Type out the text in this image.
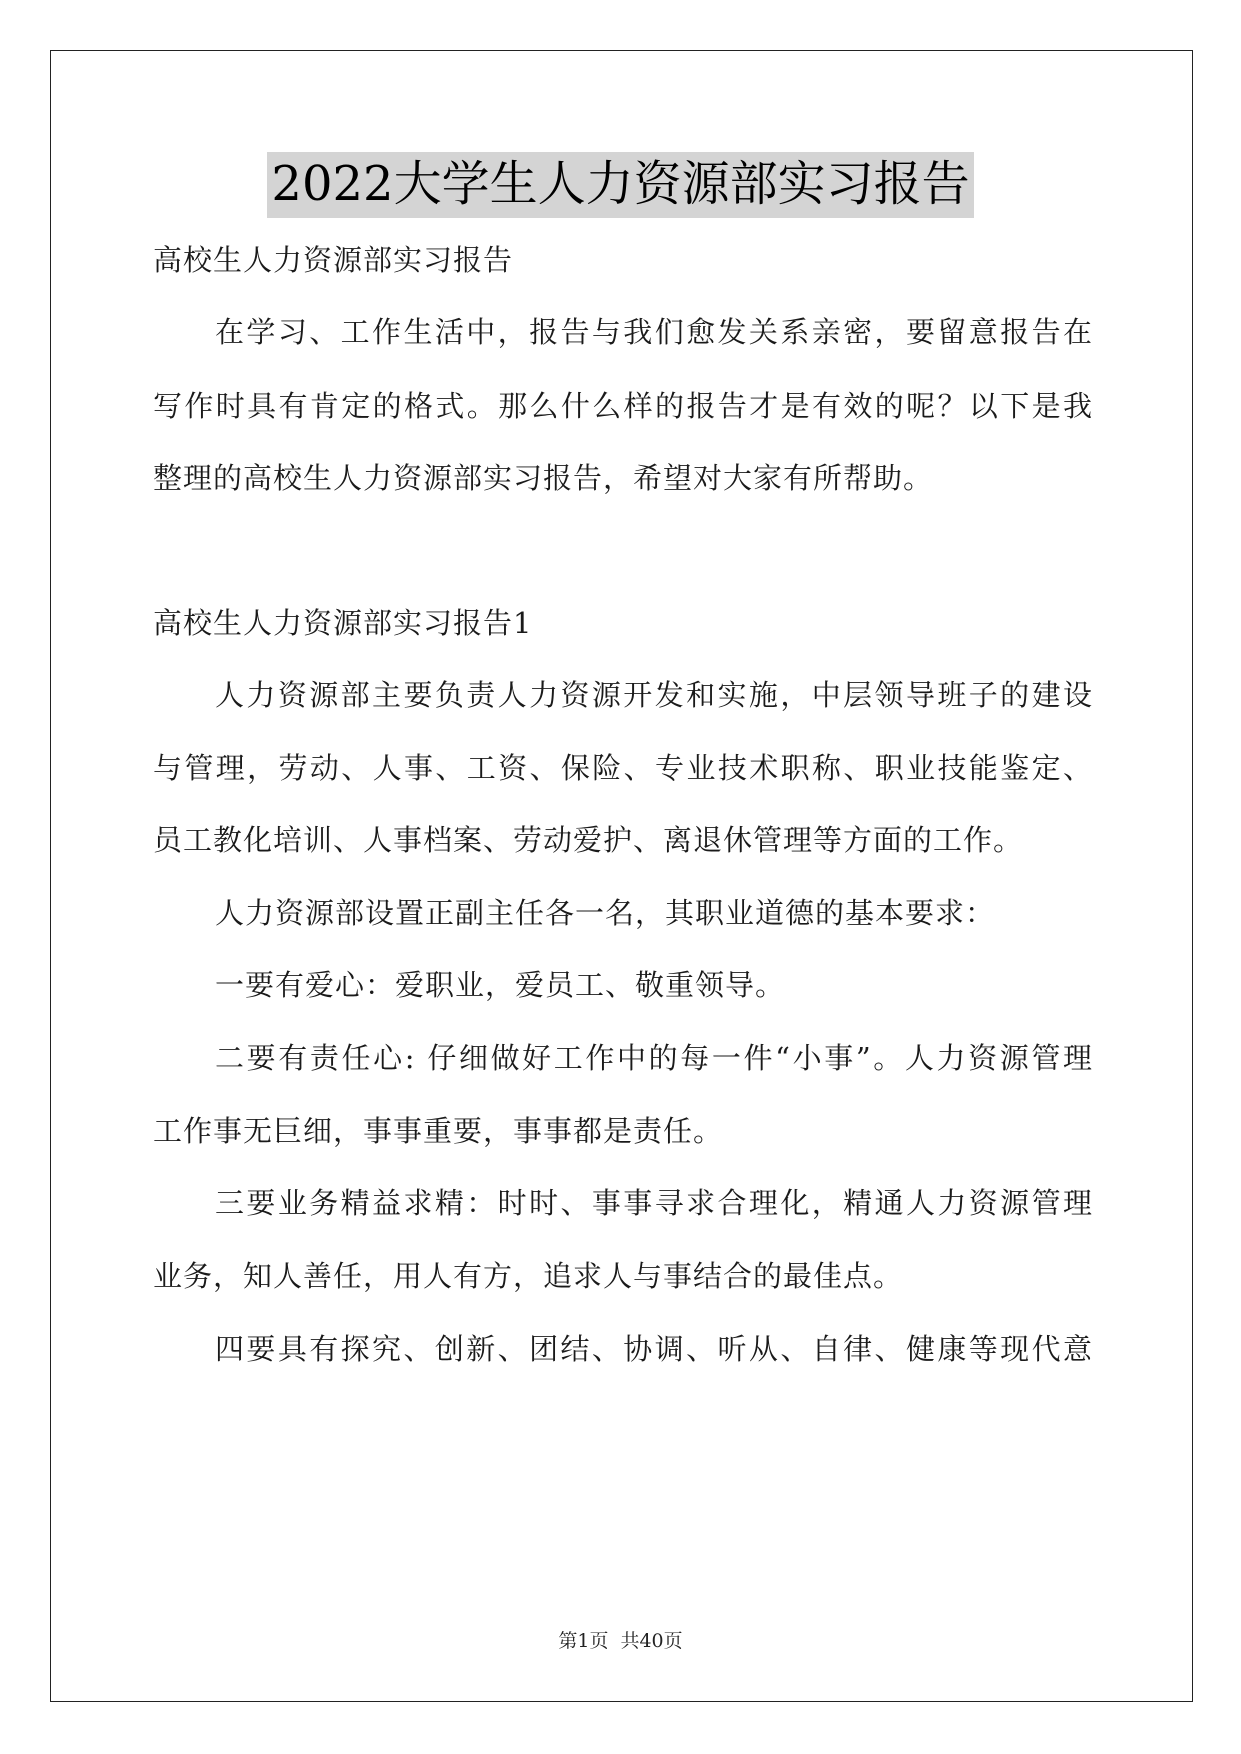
2022大学生人力资源部实习报告
高校生人力资源部实习报告
在学习、工作生活中，报告与我们愈发关系亲密，要留意报告在
写作时具有肯定的格式。那么什么样的报告才是有效的呢？以下是我
整理的高校生人力资源部实习报告，希望对大家有所帮助。
高校生人力资源部实习报告1
人力资源部主要负责人力资源开发和实施，中层领导班子的建设
与管理，劳动、人事、工资、保险、专业技术职称、职业技能鉴定、
员工教化培训、人事档案、劳动爱护、离退休管理等方面的工作。
人力资源部设置正副主任各一名，其职业道德的基本要求：
一要有爱心：爱职业，爱员工、敬重领导。
二要有责任心: 仔细做好工作中的每一件“小事”。人力资源管理
工作事无巨细，事事重要，事事都是责任。
三要业务精益求精：时时、事事寻求合理化，精通人力资源管理
业务，知人善任，用人有方，追求人与事结合的最佳点。
四要具有探究、创新、团结、协调、听从、自律、健康等现代意
第1页 共40页
